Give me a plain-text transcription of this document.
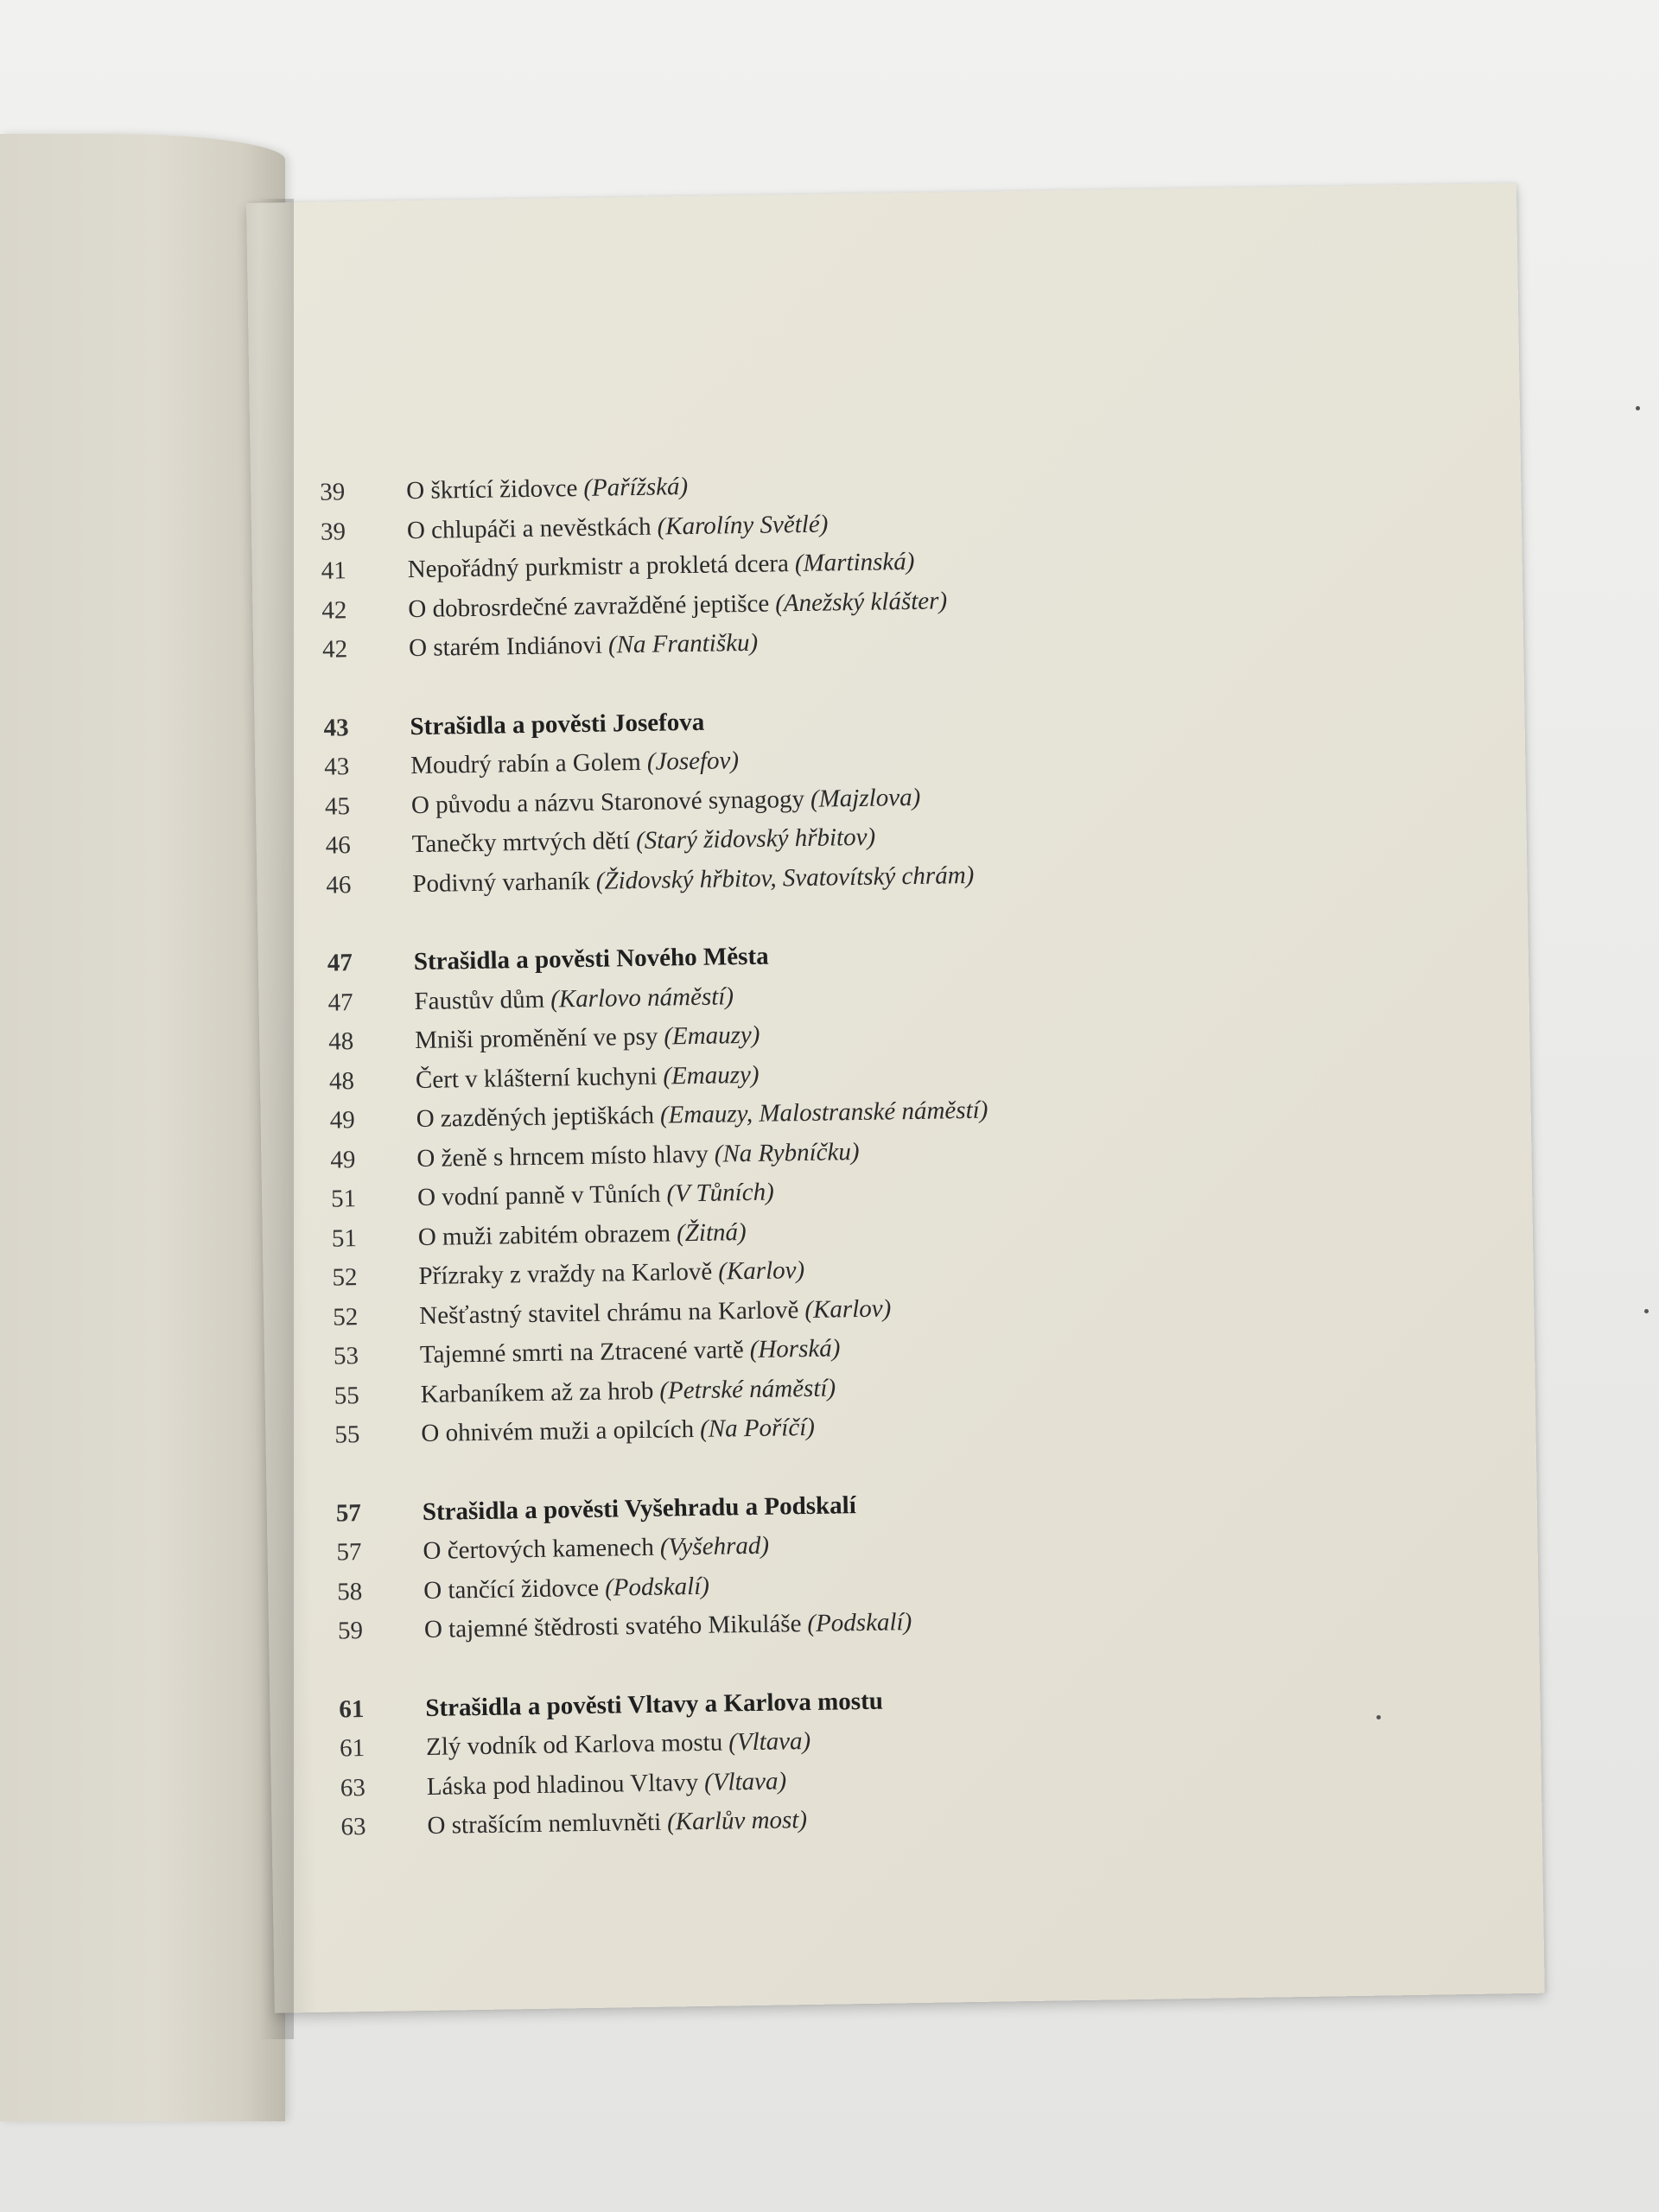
39	O škrtící židovce (Pařížská)
39	O chlupáči a nevěstkách (Karolíny Světlé)
41	Nepořádný purkmistr a prokletá dcera (Martinská)
42	O dobrosrdečné zavražděné jeptišce (Anežský klášter)
42	O starém Indiánovi (Na Františku)
43	Strašidla a pověsti Josefova
43	Moudrý rabín a Golem (Josefov)
45	O původu a názvu Staronové synagogy (Majzlova)
46	Tanečky mrtvých dětí (Starý židovský hřbitov)
46	Podivný varhaník (Židovský hřbitov, Svatovítský chrám)
47	Strašidla a pověsti Nového Města
47	Faustův dům (Karlovo náměstí)
48	Mniši proměnění ve psy (Emauzy)
48	Čert v klášterní kuchyni (Emauzy)
49	O zazděných jeptiškách (Emauzy, Malostranské náměstí)
49	O ženě s hrncem místo hlavy (Na Rybníčku)
51	O vodní panně v Tůních (V Tůních)
51	O muži zabitém obrazem (Žitná)
52	Přízraky z vraždy na Karlově (Karlov)
52	Nešťastný stavitel chrámu na Karlově (Karlov)
53	Tajemné smrti na Ztracené vartě (Horská)
55	Karbaníkem až za hrob (Petrské náměstí)
55	O ohnivém muži a opilcích (Na Poříčí)
57	Strašidla a pověsti Vyšehradu a Podskalí
57	O čertových kamenech (Vyšehrad)
58	O tančící židovce (Podskalí)
59	O tajemné štědrosti svatého Mikuláše (Podskalí)
61	Strašidla a pověsti Vltavy a Karlova mostu
61	Zlý vodník od Karlova mostu (Vltava)
63	Láska pod hladinou Vltavy (Vltava)
63	O strašícím nemluvněti (Karlův most)
